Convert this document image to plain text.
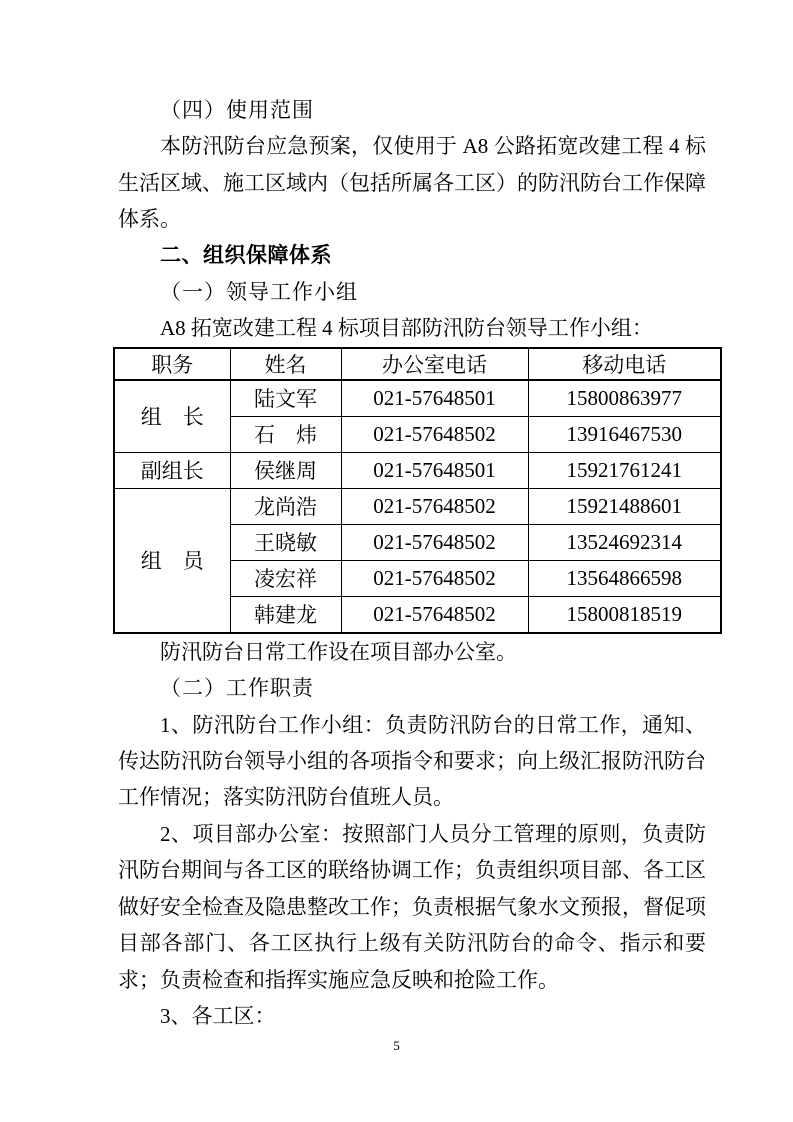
（四）使用范围

本防汛防台应急预案，仅使用于 A8 公路拓宽改建工程 4 标生活区域、施工区域内（包括所属各工区）的防汛防台工作保障体系。

二、组织保障体系
（一）领导工作小组

A8 拓宽改建工程 4 标项目部防汛防台领导工作小组：

职务	姓名	办公室电话	移动电话
组　长	陆文军	021-57648501	15800863977
	石　炜	021-57648502	13916467530
副组长	侯继周	021-57648501	15921761241
组　员	龙尚浩	021-57648502	15921488601
	王晓敏	021-57648502	13524692314
	凌宏祥	021-57648502	13564866598
	韩建龙	021-57648502	15800818519

防汛防台日常工作设在项目部办公室。

（二）工作职责

1、防汛防台工作小组：负责防汛防台的日常工作，通知、传达防汛防台领导小组的各项指令和要求；向上级汇报防汛防台工作情况；落实防汛防台值班人员。

2、项目部办公室：按照部门人员分工管理的原则，负责防汛防台期间与各工区的联络协调工作；负责组织项目部、各工区做好安全检查及隐患整改工作；负责根据气象水文预报，督促项目部各部门、各工区执行上级有关防汛防台的命令、指示和要求；负责检查和指挥实施应急反映和抢险工作。

3、各工区：

5
